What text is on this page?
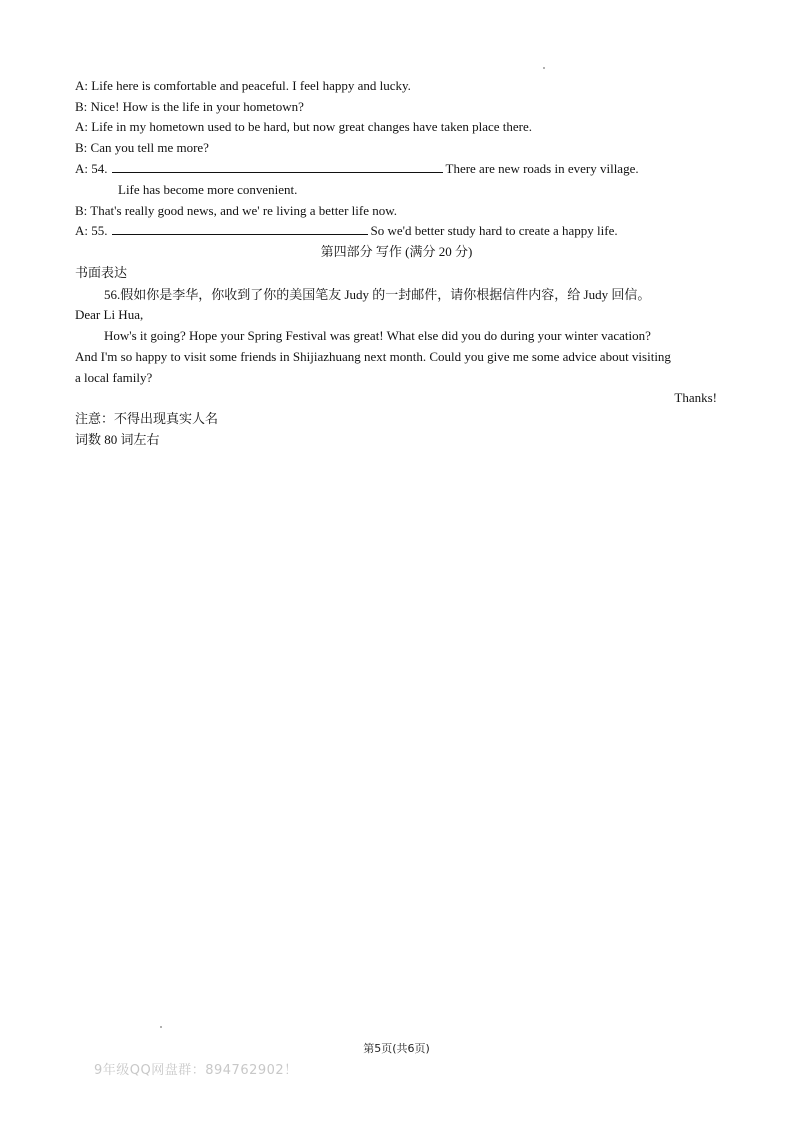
A: Life here is comfortable and peaceful. I feel happy and lucky.
B: Nice! How is the life in your hometown?
A: Life in my hometown used to be hard, but now great changes have taken place there.
B: Can you tell me more?
A: 54.	There are new roads in every village.
Life has become more convenient.
B: That's really good news, and we' re living a better life now.
A: 55.	So we'd better study hard to create a happy life.
第四部分 写作 (满分 20 分)
书面表达
56.假如你是李华，你收到了你的美国笔友 Judy 的一封邮件，请你根据信件内容，给 Judy 回信。
Dear Li Hua,
How's it going? Hope your Spring Festival was great! What else did you do during your winter vacation?
And I'm so happy to visit some friends in Shijiazhuang next month. Could you give me some advice about visiting
a local family?
Thanks!
注意：不得出现真实人名
词数 80 词左右
第5页(共6页)
9年级QQ网盘群：894762902！
